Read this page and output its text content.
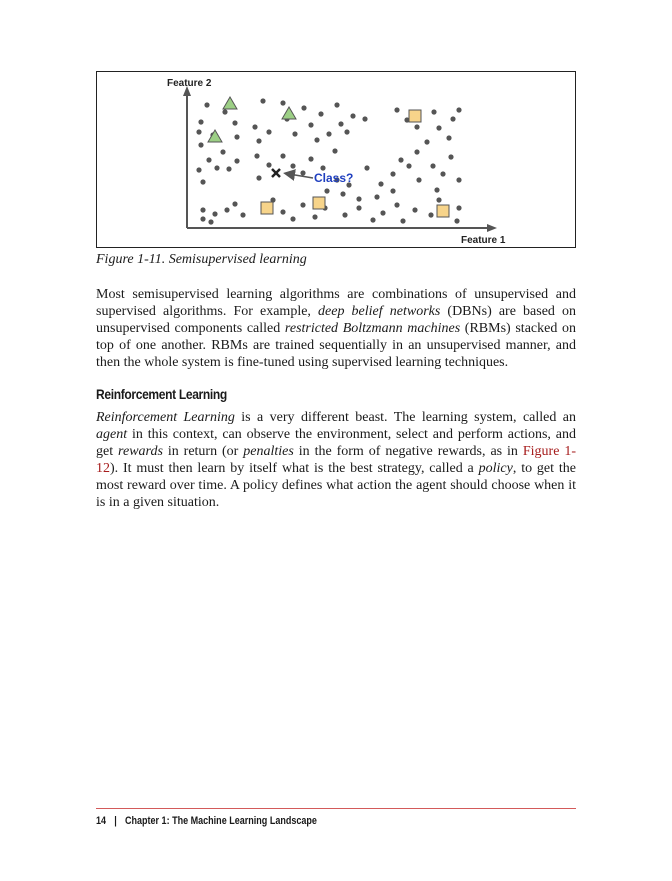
Feature 2
Feature 1
Class?
Figure 1-11. Semisupervised learning

Most semisupervised learning algorithms are combinations of unsupervised and supervised algorithms. For example, deep belief networks (DBNs) are based on unsupervised components called restricted Boltzmann machines (RBMs) stacked on top of one another. RBMs are trained sequentially in an unsupervised manner, and then the whole system is fine-tuned using supervised learning techniques.

Reinforcement Learning

Reinforcement Learning is a very different beast. The learning system, called an agent in this context, can observe the environment, select and perform actions, and get rewards in return (or penalties in the form of negative rewards, as in Figure 1-12). It must then learn by itself what is the best strategy, called a policy, to get the most reward over time. A policy defines what action the agent should choose when it is in a given situation.

14 | Chapter 1: The Machine Learning Landscape
